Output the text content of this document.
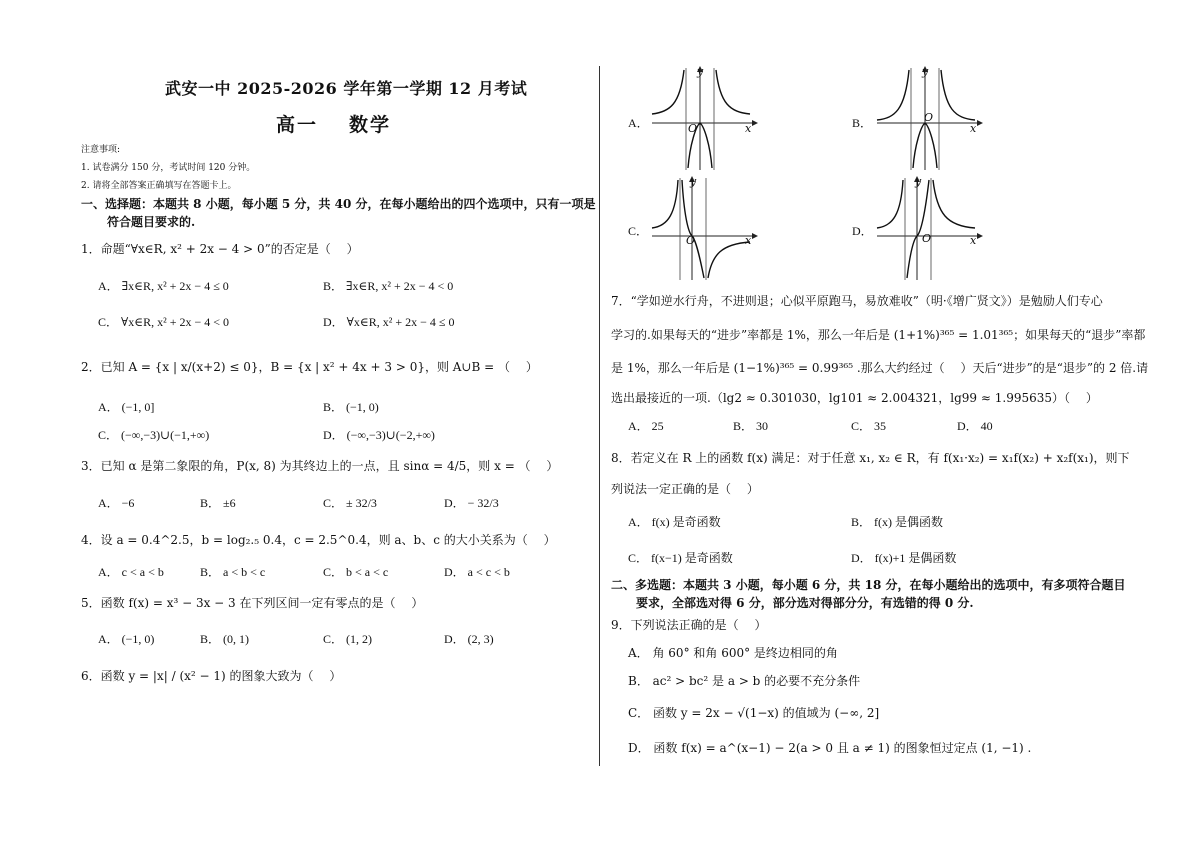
武安一中 2025-2026 学年第一学期 12 月考试
高一 数学
注意事项:
1. 试卷满分 150 分，考试时间 120 分钟。
2. 请将全部答案正确填写在答题卡上。
一、选择题：本题共 8 小题，每小题 5 分，共 40 分，在每小题给出的四个选项中，只有一项是
符合题目要求的.
1．命题“∀x∈R, x² + 2x − 4 > 0”的否定是（　 ）
A． ∃x∈R, x² + 2x − 4 ≤ 0	B． ∃x∈R, x² + 2x − 4 < 0
C． ∀x∈R, x² + 2x − 4 < 0	D． ∀x∈R, x² + 2x − 4 ≤ 0
2．已知 A = {x | x/(x+2) ≤ 0}，B = {x | x² + 4x + 3 > 0}，则 A∪B = （　 ）
A． (−1, 0]	B． (−1, 0)
C． (−∞,−3)∪(−1,+∞)	D． (−∞,−3)∪(−2,+∞)
3．已知 α 是第二象限的角，P(x, 8) 为其终边上的一点，且 sinα = 4/5，则 x = （　 ）
A． −6	B． ±6	C． ± 32/3	D． − 32/3
4．设 a = 0.4^2.5，b = log₂.₅ 0.4，c = 2.5^0.4，则 a、b、c 的大小关系为（　 ）
A． c < a < b	B． a < b < c	C． b < a < c	D． a < c < b
5．函数 f(x) = x³ − 3x − 3 在下列区间一定有零点的是（　 ）
A． (−1, 0)	B． (0, 1)	C． (1, 2)	D． (2, 3)
6．函数 y = |x| / (x² − 1) 的图象大致为（　 ）
A．	B．
C．	D．
y
x
O
y
x
O
y
x
O
y
x
O
7．“学如逆水行舟，不进则退；心似平原跑马，易放难收”（明·《增广贤文》）是勉励人们专心
学习的.如果每天的“进步”率都是 1%，那么一年后是 (1+1%)³⁶⁵ = 1.01³⁶⁵；如果每天的“退步”率都
是 1%，那么一年后是 (1−1%)³⁶⁵ = 0.99³⁶⁵ .那么大约经过（　 ）天后“进步”的是“退步”的 2 倍.请
选出最接近的一项.（lg2 ≈ 0.301030，lg101 ≈ 2.004321，lg99 ≈ 1.995635）（　 ）
A． 25	B． 30	C． 35	D． 40
8．若定义在 R 上的函数 f(x) 满足：对于任意 x₁, x₂ ∈ R，有 f(x₁·x₂) = x₁f(x₂) + x₂f(x₁)，则下
列说法一定正确的是（　 ）
A． f(x) 是奇函数	B． f(x) 是偶函数
C． f(x−1) 是奇函数	D． f(x)+1 是偶函数
二、多选题：本题共 3 小题，每小题 6 分，共 18 分，在每小题给出的选项中，有多项符合题目
要求，全部选对得 6 分，部分选对得部分分，有选错的得 0 分.
9．下列说法正确的是（　 ）
A． 角 60° 和角 600° 是终边相同的角
B． ac² > bc² 是 a > b 的必要不充分条件
C． 函数 y = 2x − √(1−x) 的值域为 (−∞, 2]
D． 函数 f(x) = a^(x−1) − 2(a > 0 且 a ≠ 1) 的图象恒过定点 (1, −1) .
